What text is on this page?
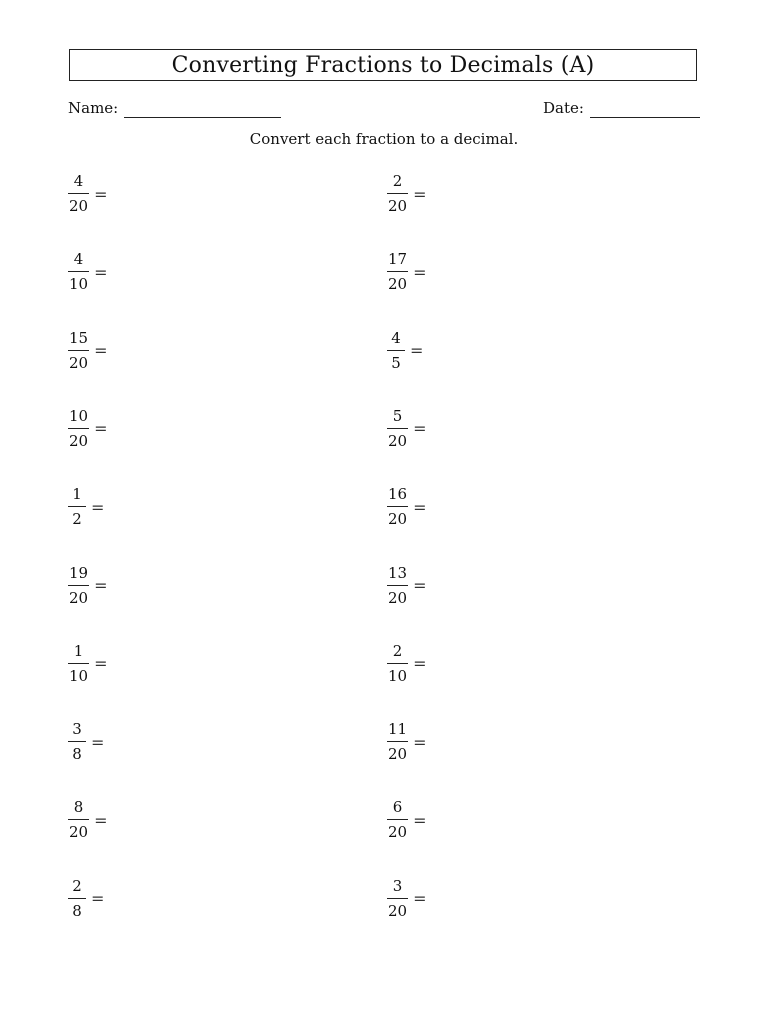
Converting Fractions to Decimals (A)
Name:	Date:
Convert each fraction to a decimal.
$\frac{4}{20}$ =
$\frac{4}{10}$ =
$\frac{15}{20}$ =
$\frac{10}{20}$ =
$\frac{1}{2}$ =
$\frac{19}{20}$ =
$\frac{1}{10}$ =
$\frac{3}{8}$ =
$\frac{8}{20}$ =
$\frac{2}{8}$ =
$\frac{2}{20}$ =
$\frac{17}{20}$ =
$\frac{4}{5}$ =
$\frac{5}{20}$ =
$\frac{16}{20}$ =
$\frac{13}{20}$ =
$\frac{2}{10}$ =
$\frac{11}{20}$ =
$\frac{6}{20}$ =
$\frac{3}{20}$ =
